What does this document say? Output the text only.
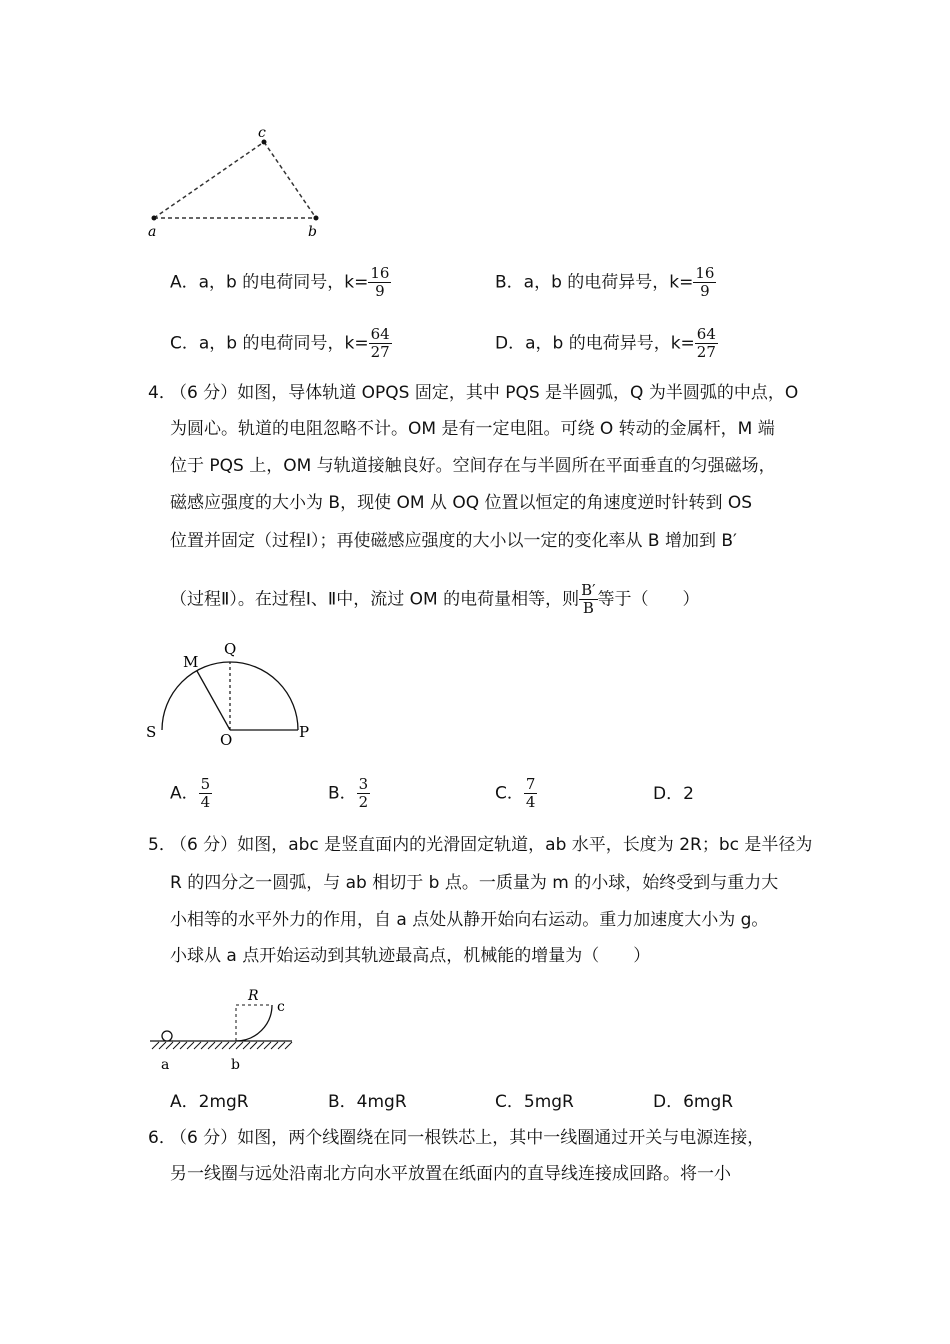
a	b
c
A．a，b 的电荷同号，$k= \frac{16}{9}$	B．a，b 的电荷异号，$k= \frac{16}{9}$
C．a，b 的电荷同号，$k= \frac{64}{27}$	D．a，b 的电荷异号，$k= \frac{64}{27}$
4．
（6 分）如图，导体轨道 OPQS 固定，其中 PQS 是半圆弧，Q 为半圆弧的中点，O
为圆心。轨道的电阻忽略不计。OM 是有一定电阻。可绕 O 转动的金属杆，M 端
位于 PQS 上，OM 与轨道接触良好。空间存在与半圆所在平面垂直的匀强磁场，
磁感应强度的大小为 B，现使 OM 从 OQ 位置以恒定的角速度逆时针转到 OS
位置并固定（过程Ⅰ）；再使磁感应强度的大小以一定的变化率从 B 增加到 B′
（过程Ⅱ）。在过程Ⅰ、Ⅱ中，流过 OM 的电荷量相等，则 $\frac{B'}{B}$ 等于（　　）
M
Q
S	O	P
A． $\frac{5}{4}$	B． $\frac{3}{2}$	C． $\frac{7}{4}$	D．2
5．
（6 分）如图，abc 是竖直面内的光滑固定轨道，ab 水平，长度为 2R；bc 是半径为
R 的四分之一圆弧，与 ab 相切于 b 点。一质量为 m 的小球，始终受到与重力大
小相等的水平外力的作用，自 a 点处从静开始向右运动。重力加速度大小为 g。
小球从 a 点开始运动到其轨迹最高点，机械能的增量为（　　）
R
c
a	b
A．2mgR	B．4mgR	C．5mgR	D．6mgR
6．
（6 分）如图，两个线圈绕在同一根铁芯上，其中一线圈通过开关与电源连接，
另一线圈与远处沿南北方向水平放置在纸面内的直导线连接成回路。将一小
